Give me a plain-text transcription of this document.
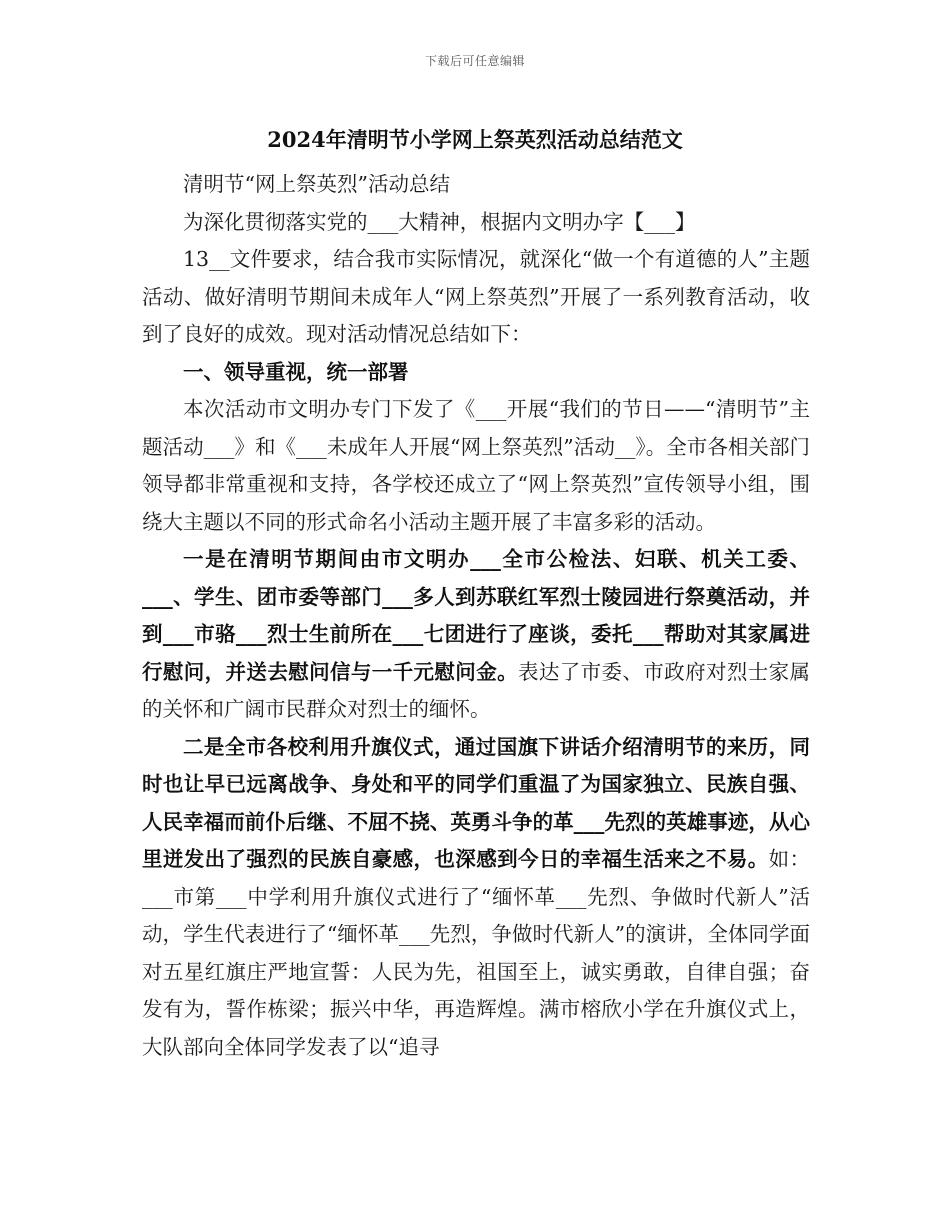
下载后可任意编辑
2024年清明节小学网上祭英烈活动总结范文

清明节“网上祭英烈”活动总结

为深化贯彻落实党的___大精神，根据内文明办字【___】

13__文件要求，结合我市实际情况，就深化“做一个有道德的人”主题活动、做好清明节期间未成年人“网上祭英烈”开展了一系列教育活动，收到了良好的成效。现对活动情况总结如下：

一、领导重视，统一部署

本次活动市文明办专门下发了《___开展“我们的节日——“清明节”主题活动___》和《___未成年人开展“网上祭英烈”活动__》。全市各相关部门领导都非常重视和支持，各学校还成立了“网上祭英烈”宣传领导小组，围绕大主题以不同的形式命名小活动主题开展了丰富多彩的活动。

一是在清明节期间由市文明办___全市公检法、妇联、机关工委、___、学生、团市委等部门___多人到苏联红军烈士陵园进行祭奠活动，并到___市骆___烈士生前所在___七团进行了座谈，委托___帮助对其家属进行慰问，并送去慰问信与一千元慰问金。表达了市委、市政府对烈士家属的关怀和广阔市民群众对烈士的缅怀。

二是全市各校利用升旗仪式，通过国旗下讲话介绍清明节的来历，同时也让早已远离战争、身处和平的同学们重温了为国家独立、民族自强、人民幸福而前仆后继、不屈不挠、英勇斗争的革___先烈的英雄事迹，从心里迸发出了强烈的民族自豪感，也深感到今日的幸福生活来之不易。如：___市第___中学利用升旗仪式进行了“缅怀革___先烈、争做时代新人”活动，学生代表进行了“缅怀革___先烈，争做时代新人”的演讲，全体同学面对五星红旗庄严地宣誓：人民为先，祖国至上，诚实勇敢，自律自强；奋发有为，誓作栋梁；振兴中华，再造辉煌。满市榕欣小学在升旗仪式上，大队部向全体同学发表了以“追寻
